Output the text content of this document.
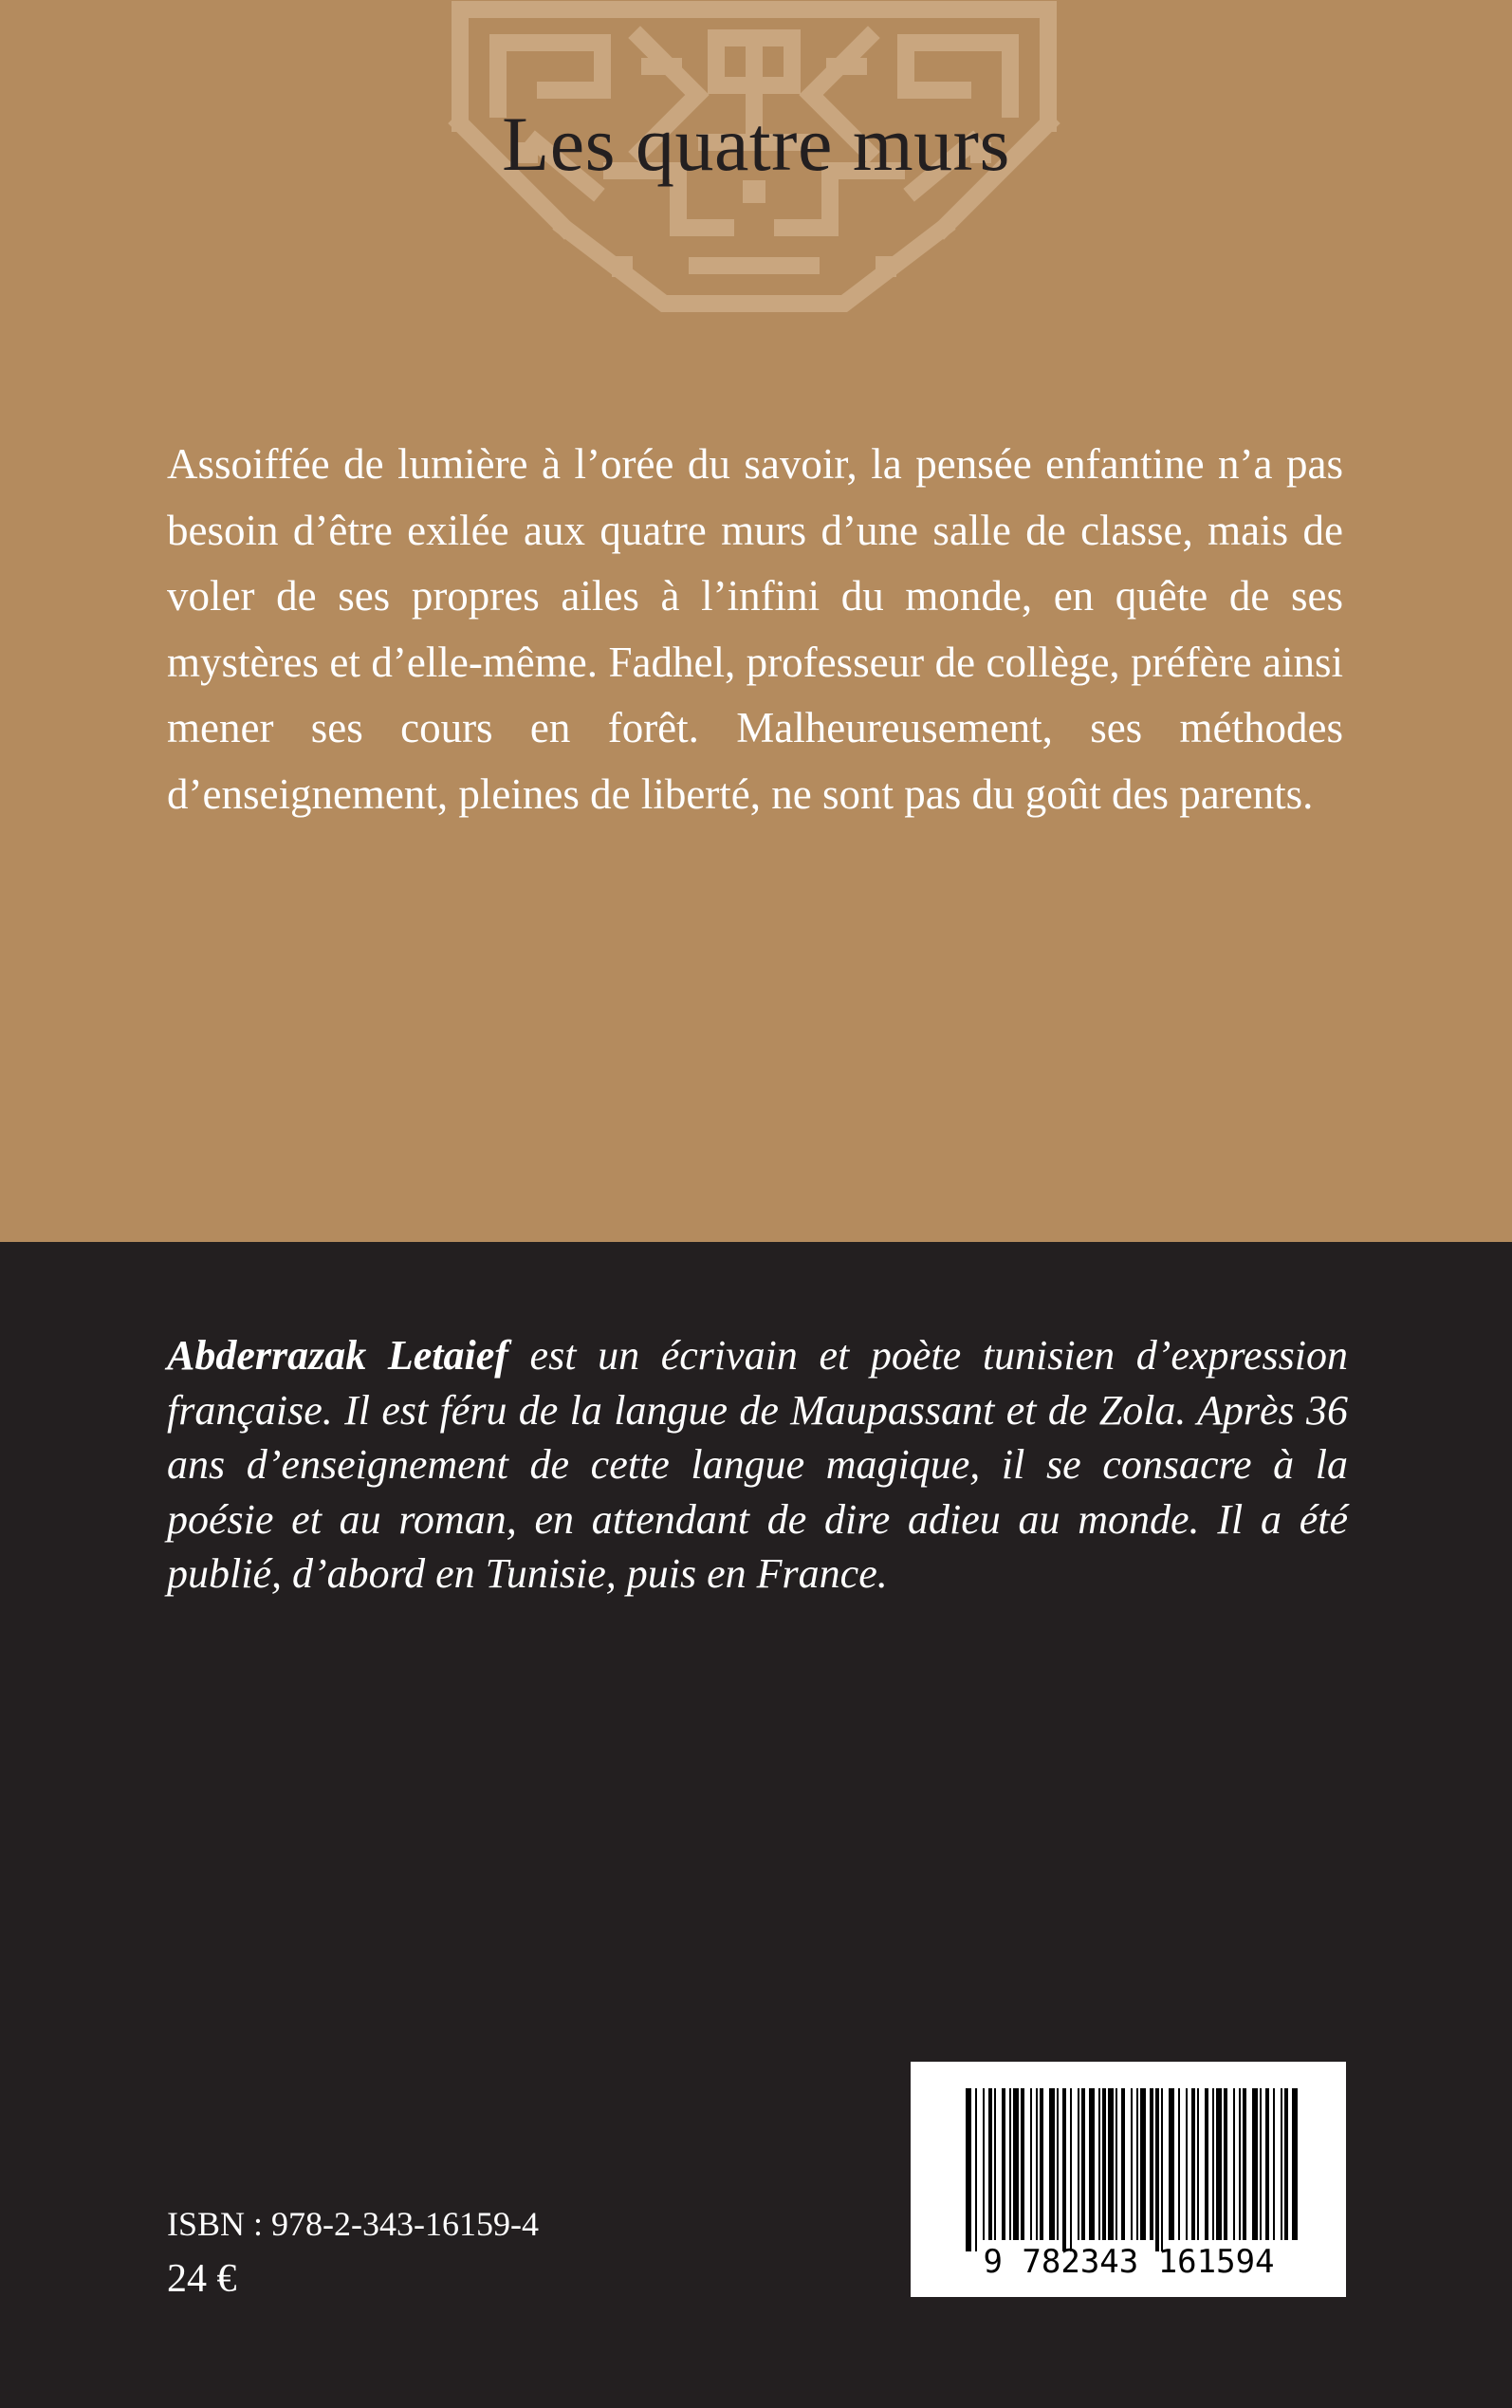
Les quatre murs

Assoiffée de lumière à l’orée du savoir, la pensée enfantine n’a pas besoin d’être exilée aux quatre murs d’une salle de classe, mais de voler de ses propres ailes à l’infini du monde, en quête de ses mystères et d’elle-même. Fadhel, professeur de collège, préfère ainsi mener ses cours en forêt. Malheureusement, ses méthodes d’enseignement, pleines de liberté, ne sont pas du goût des parents.

Abderrazak Letaief est un écrivain et poète tunisien d’expression française. Il est féru de la langue de Maupassant et de Zola. Après 36 ans d’enseignement de cette langue magique, il se consacre à la poésie et au roman, en attendant de dire adieu au monde. Il a été publié, d’abord en Tunisie, puis en France.

9 782343 161594

ISBN : 978-2-343-16159-4

24 €
